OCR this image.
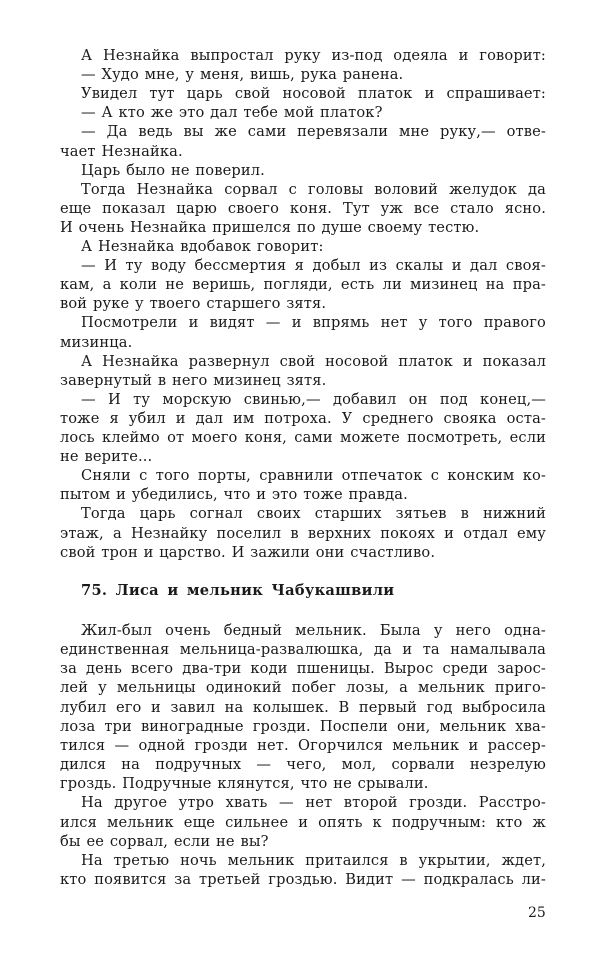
А Незнайка выпростал руку из-под одеяла и говорит:
— Худо мне, у меня, вишь, рука ранена.
Увидел тут царь свой носовой платок и спрашивает:
— А кто же это дал тебе мой платок?
— Да ведь вы же сами перевязали мне руку,— отве-
чает Незнайка.
Царь было не поверил.
Тогда Незнайка сорвал с головы воловий желудок да
еще показал царю своего коня. Тут уж все стало ясно.
И очень Незнайка пришелся по душе своему тестю.
А Незнайка вдобавок говорит:
— И ту воду бессмертия я добыл из скалы и дал своя-
кам, а коли не веришь, погляди, есть ли мизинец на пра-
вой руке у твоего старшего зятя.
Посмотрели и видят — и впрямь нет у того правого
мизинца.
А Незнайка развернул свой носовой платок и показал
завернутый в него мизинец зятя.
— И ту морскую свинью,— добавил он под конец,—
тоже я убил и дал им потроха. У среднего свояка оста-
лось клеймо от моего коня, сами можете посмотреть, если
не верите...
Сняли с того порты, сравнили отпечаток с конским ко-
пытом и убедились, что и это тоже правда.
Тогда царь согнал своих старших зятьев в нижний
этаж, а Незнайку поселил в верхних покоях и отдал ему
свой трон и царство. И зажили они счастливо.
75. Лиса и мельник Чабукашвили
Жил-был очень бедный мельник. Была у него одна-
единственная мельница-развалюшка, да и та намалывала
за день всего два-три коди пшеницы. Вырос среди зарос-
лей у мельницы одинокий побег лозы, а мельник приго-
лубил его и завил на колышек. В первый год выбросила
лоза три виноградные грозди. Поспели они, мельник хва-
тился — одной грозди нет. Огорчился мельник и рассер-
дился на подручных — чего, мол, сорвали незрелую
гроздь. Подручные клянутся, что не срывали.
На другое утро хвать — нет второй грозди. Расстро-
ился мельник еще сильнее и опять к подручным: кто ж
бы ее сорвал, если не вы?
На третью ночь мельник притаился в укрытии, ждет,
кто появится за третьей гроздью. Видит — подкралась ли-
25
